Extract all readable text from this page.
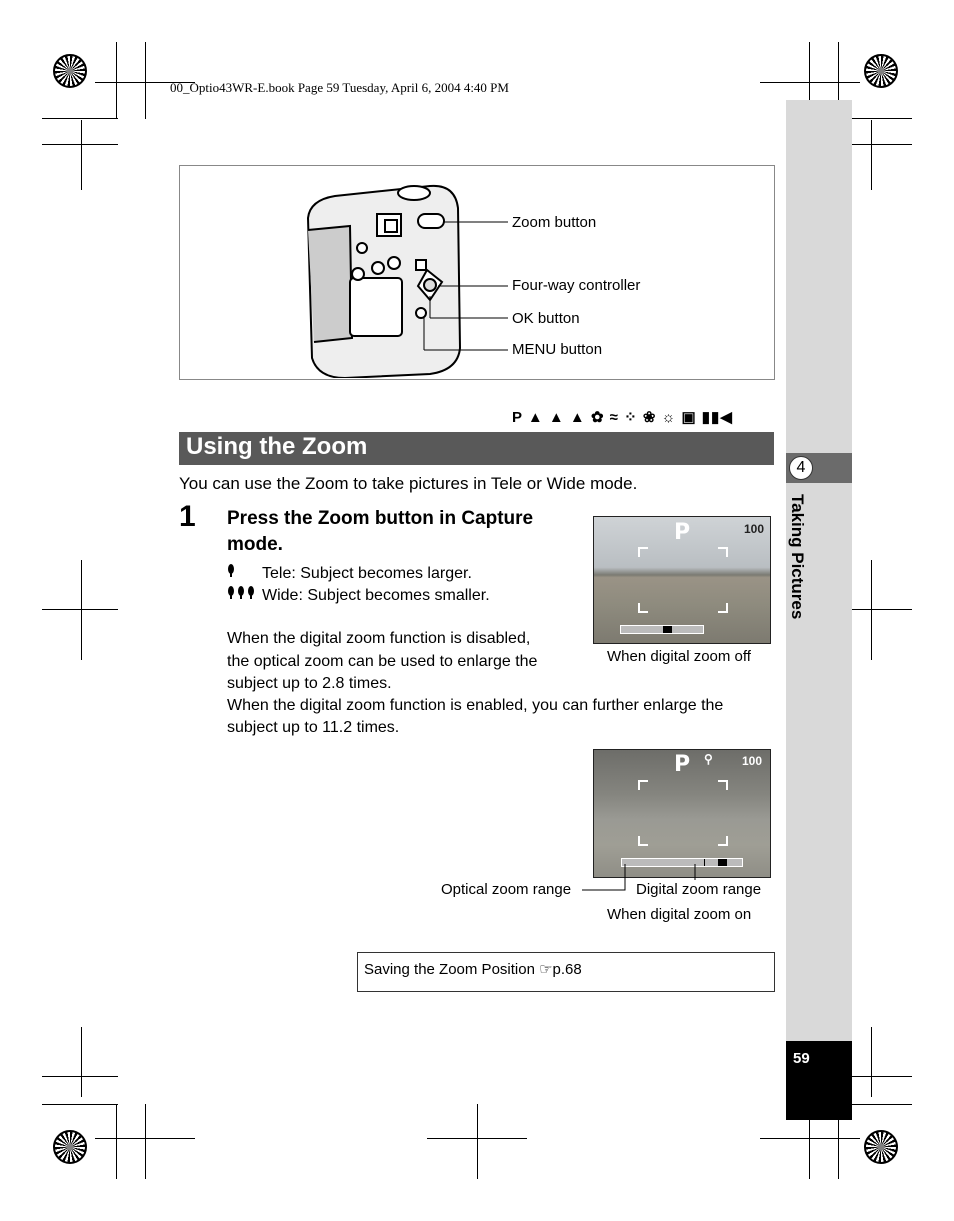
00_Optio43WR-E.book Page 59 Tuesday, April 6, 2004 4:40 PM
4
Taking Pictures
59
Zoom button
Four-way controller
OK button
MENU button
P ▲ ▲ ▲ ✿ ≈ ⁘ ❀ ☼ ▣ ▮▮◀
Using the Zoom
You can use the Zoom to take pictures in Tele or Wide mode.
1 Press the Zoom button in Capture mode.
Tele: Subject becomes larger.
Wide: Subject becomes smaller.
When the digital zoom function is disabled,
the optical zoom can be used to enlarge the
subject up to 2.8 times.
When the digital zoom function is enabled, you can further enlarge the
subject up to 11.2 times.
P	100
When digital zoom off
P ⚲ 100
Optical zoom range	Digital zoom range
When digital zoom on
Saving the Zoom Position ☞p.68
